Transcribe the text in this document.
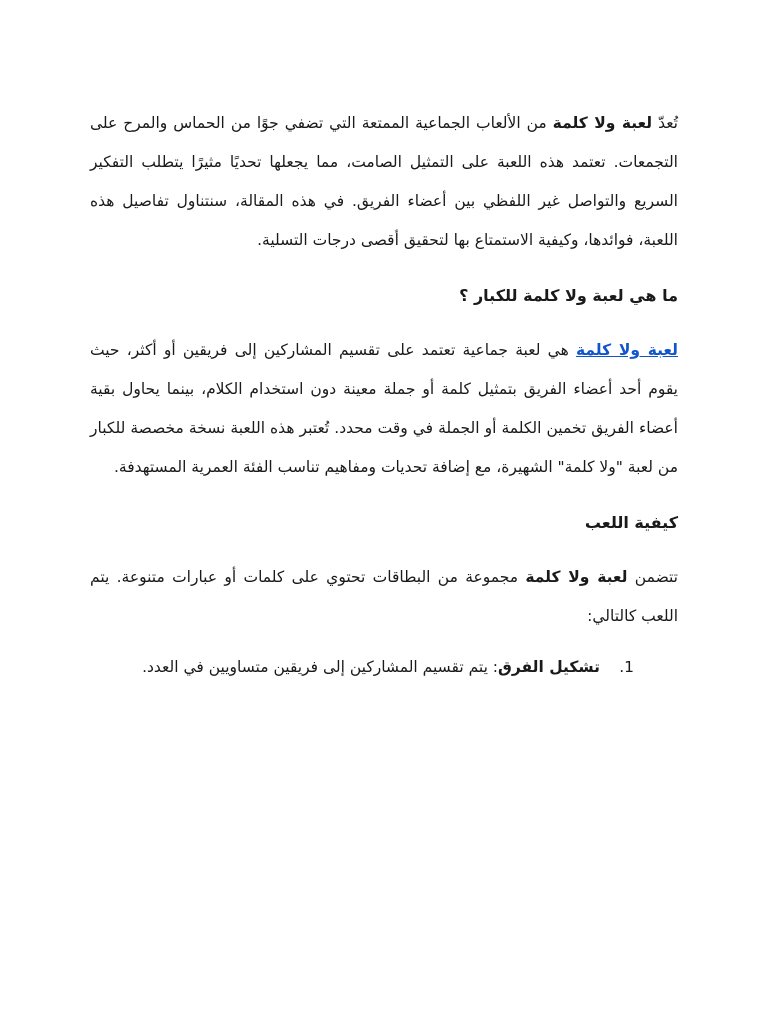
تُعدّ لعبة ولا كلمة من الألعاب الجماعية الممتعة التي تضفي جوًا من الحماس والمرح على التجمعات. تعتمد هذه اللعبة على التمثيل الصامت، مما يجعلها تحديًا مثيرًا يتطلب التفكير السريع والتواصل غير اللفظي بين أعضاء الفريق. في هذه المقالة، سنتناول تفاصيل هذه اللعبة، فوائدها، وكيفية الاستمتاع بها لتحقيق أقصى درجات التسلية.

ما هي لعبة ولا كلمة للكبار ؟

لعبة ولا كلمة هي لعبة جماعية تعتمد على تقسيم المشاركين إلى فريقين أو أكثر، حيث يقوم أحد أعضاء الفريق بتمثيل كلمة أو جملة معينة دون استخدام الكلام، بينما يحاول بقية أعضاء الفريق تخمين الكلمة أو الجملة في وقت محدد. تُعتبر هذه اللعبة نسخة مخصصة للكبار من لعبة "ولا كلمة" الشهيرة، مع إضافة تحديات ومفاهيم تناسب الفئة العمرية المستهدفة.

كيفية اللعب

تتضمن لعبة ولا كلمة مجموعة من البطاقات تحتوي على كلمات أو عبارات متنوعة. يتم اللعب كالتالي:

1.
تشكيل الفرق: يتم تقسيم المشاركين إلى فريقين متساويين في العدد.
